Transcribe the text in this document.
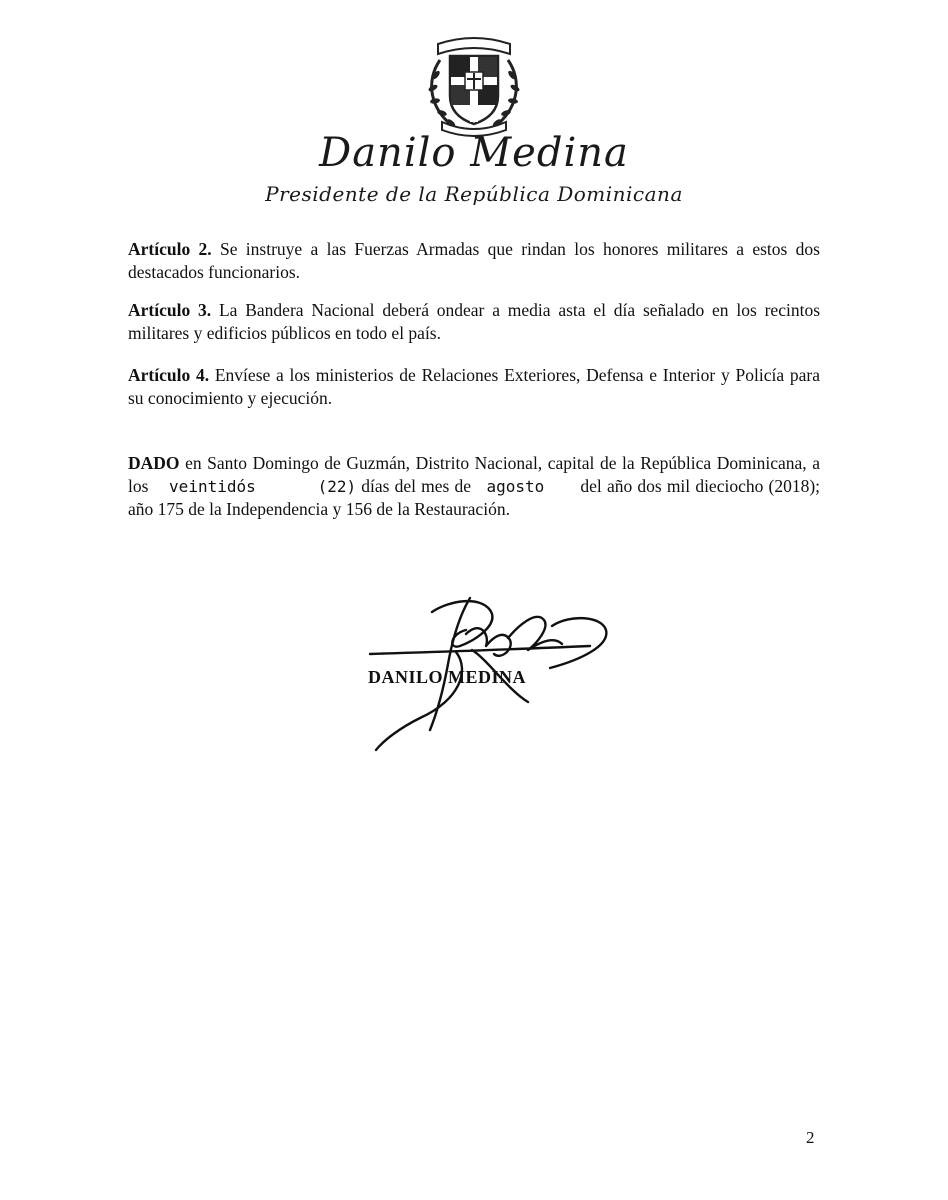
Danilo Medina
Presidente de la República Dominicana
Artículo 2. Se instruye a las Fuerzas Armadas que rindan los honores militares a estos dos destacados funcionarios.
Artículo 3. La Bandera Nacional deberá ondear a media asta el día señalado en los recintos militares y edificios públicos en todo el país.
Artículo 4. Envíese a los ministerios de Relaciones Exteriores, Defensa e Interior y Policía para su conocimiento y ejecución.
DADO en Santo Domingo de Guzmán, Distrito Nacional, capital de la República Dominicana, a los    veintidós	(22) días del mes de   agosto       del año dos mil dieciocho (2018); año 175 de la Independencia y 156 de la Restauración.
DANILO MEDINA
2
